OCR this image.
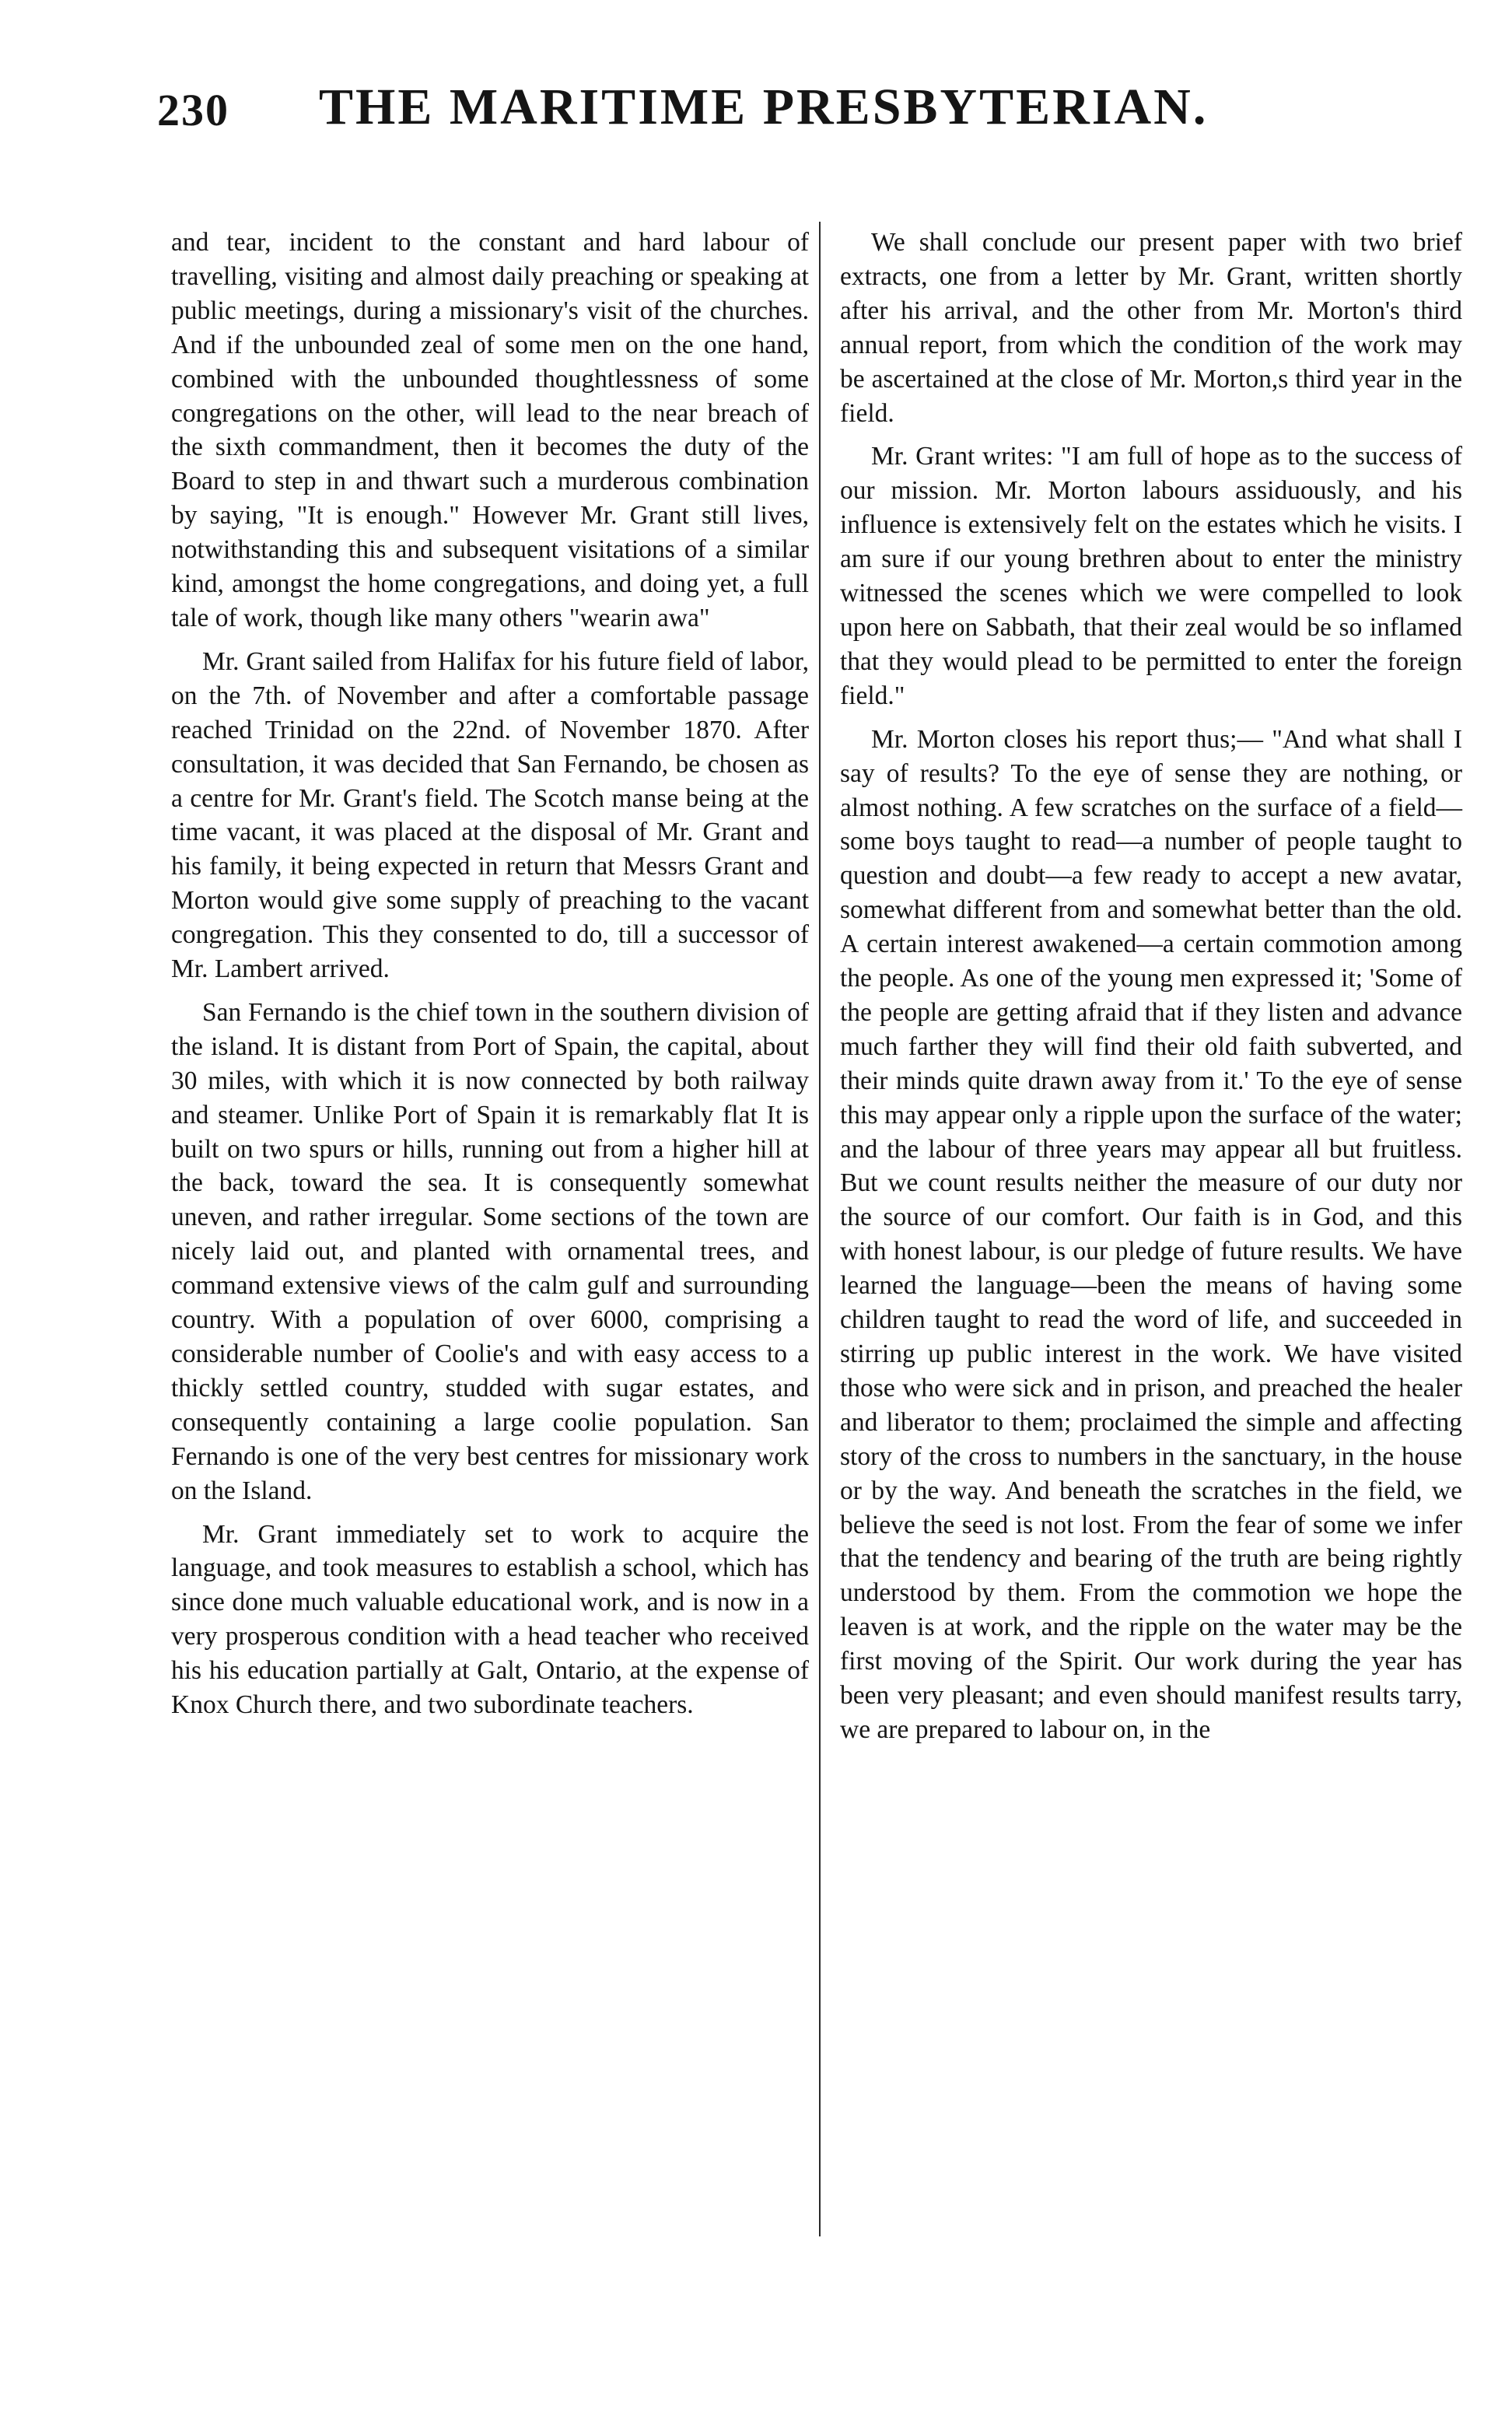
230 THE MARITIME PRESBYTERIAN.

and tear, incident to the constant and hard labour of travelling, visiting and almost daily preaching or speaking at public meetings, during a missionary's visit of the churches. And if the unbounded zeal of some men on the one hand, combined with the unbounded thoughtlessness of some congregations on the other, will lead to the near breach of the sixth commandment, then it becomes the duty of the Board to step in and thwart such a murderous combination by saying, "It is enough." However Mr. Grant still lives, notwithstanding this and subsequent visitations of a similar kind, amongst the home congregations, and doing yet, a full tale of work, though like many others "wearin awa"

Mr. Grant sailed from Halifax for his future field of labor, on the 7th. of November and after a comfortable passage reached Trinidad on the 22nd. of November 1870. After consultation, it was decided that San Fernando, be chosen as a centre for Mr. Grant's field. The Scotch manse being at the time vacant, it was placed at the disposal of Mr. Grant and his family, it being expected in return that Messrs Grant and Morton would give some supply of preaching to the vacant congregation. This they consented to do, till a successor of Mr. Lambert arrived.

San Fernando is the chief town in the southern division of the island. It is distant from Port of Spain, the capital, about 30 miles, with which it is now connected by both railway and steamer. Unlike Port of Spain it is remarkably flat It is built on two spurs or hills, running out from a higher hill at the back, toward the sea. It is consequently somewhat uneven, and rather irregular. Some sections of the town are nicely laid out, and planted with ornamental trees, and command extensive views of the calm gulf and surrounding country. With a population of over 6000, comprising a considerable number of Coolie's and with easy access to a thickly settled country, studded with sugar estates, and consequently containing a large coolie population. San Fernando is one of the very best centres for missionary work on the Island.

Mr. Grant immediately set to work to acquire the language, and took measures to establish a school, which has since done much valuable educational work, and is now in a very prosperous condition with a head teacher who received his his education partially at Galt, Ontario, at the expense of Knox Church there, and two subordinate teachers.

We shall conclude our present paper with two brief extracts, one from a letter by Mr. Grant, written shortly after his arrival, and the other from Mr. Morton's third annual report, from which the condition of the work may be ascertained at the close of Mr. Morton,s third year in the field.

Mr. Grant writes: "I am full of hope as to the success of our mission. Mr. Morton labours assiduously, and his influence is extensively felt on the estates which he visits. I am sure if our young brethren about to enter the ministry witnessed the scenes which we were compelled to look upon here on Sabbath, that their zeal would be so inflamed that they would plead to be permitted to enter the foreign field."

Mr. Morton closes his report thus;— "And what shall I say of results? To the eye of sense they are nothing, or almost nothing. A few scratches on the surface of a field—some boys taught to read—a number of people taught to question and doubt—a few ready to accept a new avatar, somewhat different from and somewhat better than the old. A certain interest awakened—a certain commotion among the people. As one of the young men expressed it; 'Some of the people are getting afraid that if they listen and advance much farther they will find their old faith subverted, and their minds quite drawn away from it.' To the eye of sense this may appear only a ripple upon the surface of the water; and the labour of three years may appear all but fruitless. But we count results neither the measure of our duty nor the source of our comfort. Our faith is in God, and this with honest labour, is our pledge of future results. We have learned the language—been the means of having some children taught to read the word of life, and succeeded in stirring up public interest in the work. We have visited those who were sick and in prison, and preached the healer and liberator to them; proclaimed the simple and affecting story of the cross to numbers in the sanctuary, in the house or by the way. And beneath the scratches in the field, we believe the seed is not lost. From the fear of some we infer that the tendency and bearing of the truth are being rightly understood by them. From the commotion we hope the leaven is at work, and the ripple on the water may be the first moving of the Spirit. Our work during the year has been very pleasant; and even should manifest results tarry, we are prepared to labour on, in the
